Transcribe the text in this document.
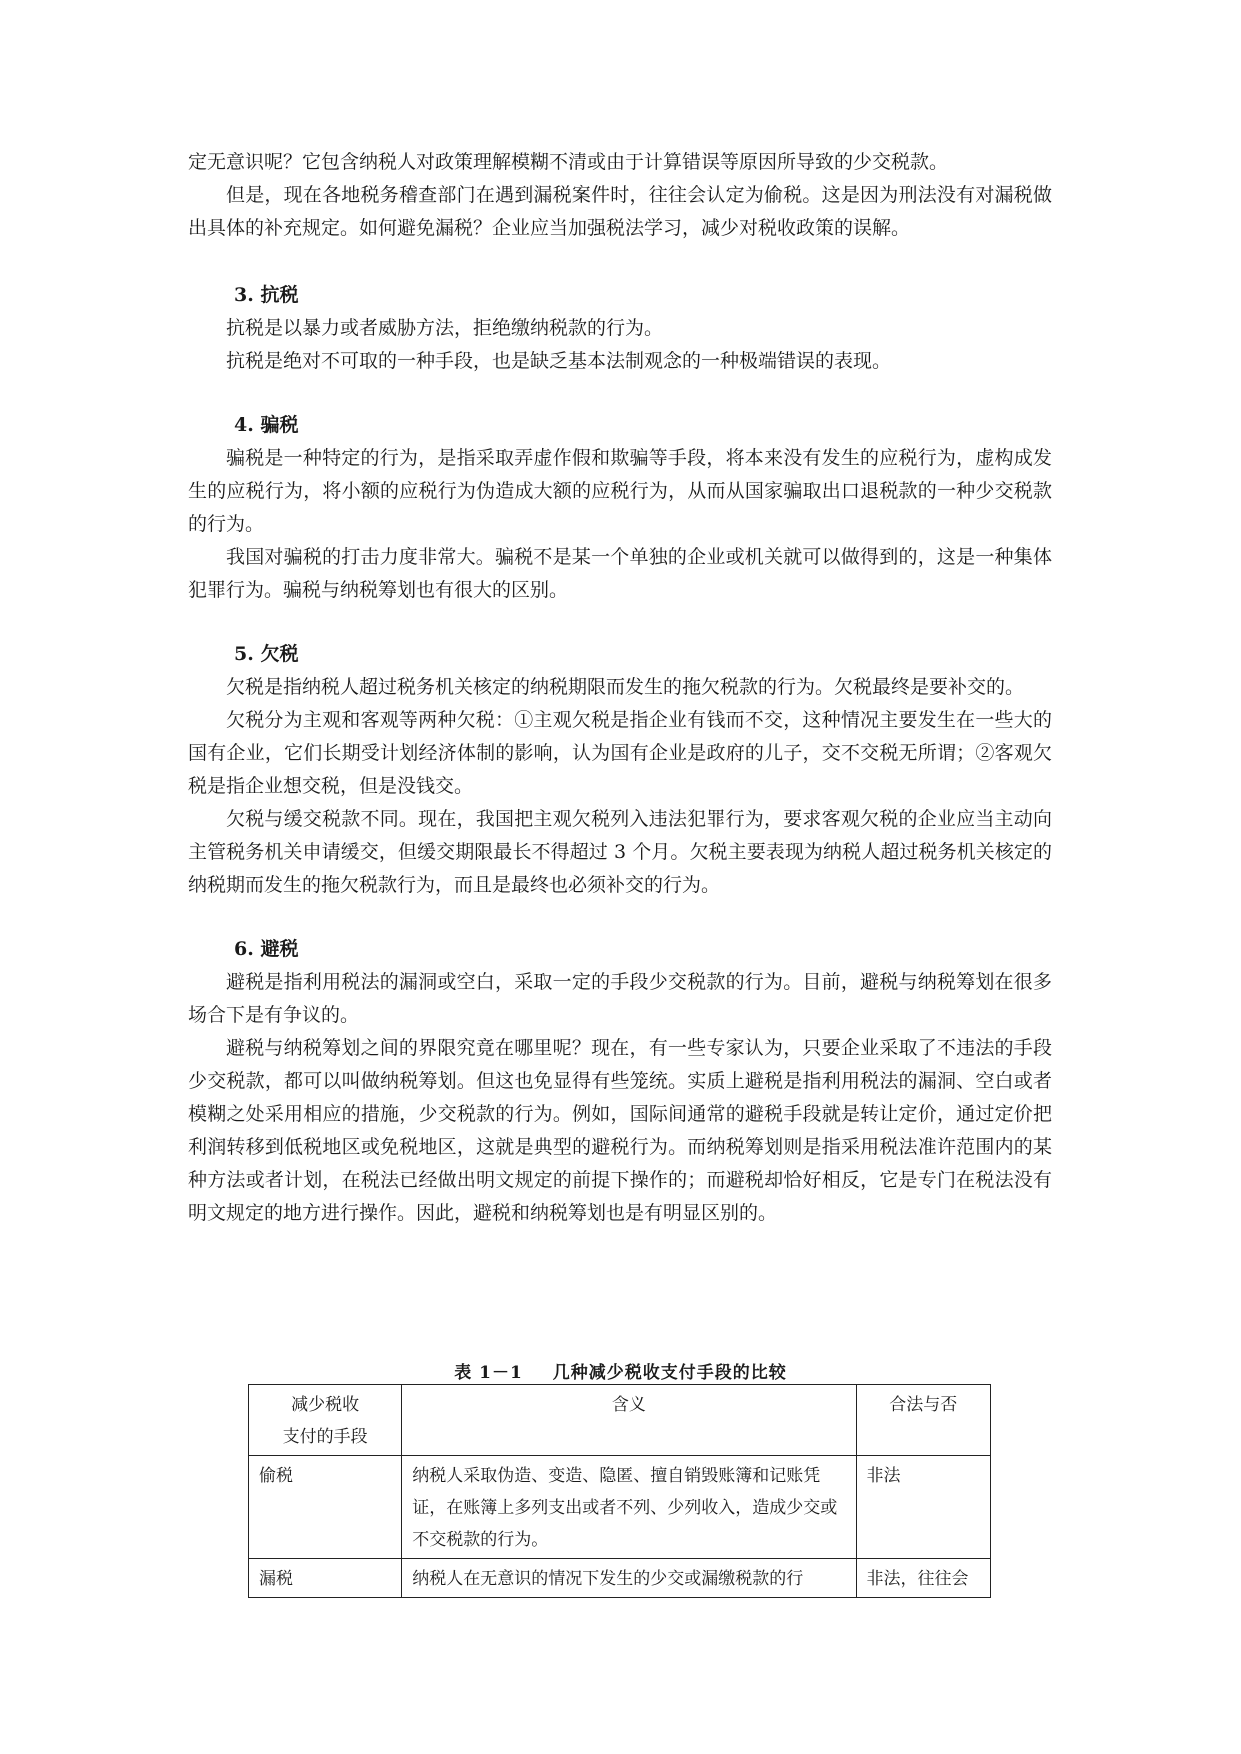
定无意识呢？它包含纳税人对政策理解模糊不清或由于计算错误等原因所导致的少交税款。

但是，现在各地税务稽查部门在遇到漏税案件时，往往会认定为偷税。这是因为刑法没有对漏税做出具体的补充规定。如何避免漏税？企业应当加强税法学习，减少对税收政策的误解。

3. 抗税

抗税是以暴力或者威胁方法，拒绝缴纳税款的行为。

抗税是绝对不可取的一种手段，也是缺乏基本法制观念的一种极端错误的表现。

4. 骗税

骗税是一种特定的行为，是指采取弄虚作假和欺骗等手段，将本来没有发生的应税行为，虚构成发生的应税行为，将小额的应税行为伪造成大额的应税行为，从而从国家骗取出口退税款的一种少交税款的行为。

我国对骗税的打击力度非常大。骗税不是某一个单独的企业或机关就可以做得到的，这是一种集体犯罪行为。骗税与纳税筹划也有很大的区别。

5. 欠税

欠税是指纳税人超过税务机关核定的纳税期限而发生的拖欠税款的行为。欠税最终是要补交的。

欠税分为主观和客观等两种欠税：①主观欠税是指企业有钱而不交，这种情况主要发生在一些大的国有企业，它们长期受计划经济体制的影响，认为国有企业是政府的儿子，交不交税无所谓；②客观欠税是指企业想交税，但是没钱交。

欠税与缓交税款不同。现在，我国把主观欠税列入违法犯罪行为，要求客观欠税的企业应当主动向主管税务机关申请缓交，但缓交期限最长不得超过 3 个月。欠税主要表现为纳税人超过税务机关核定的纳税期而发生的拖欠税款行为，而且是最终也必须补交的行为。

6. 避税

避税是指利用税法的漏洞或空白，采取一定的手段少交税款的行为。目前，避税与纳税筹划在很多场合下是有争议的。

避税与纳税筹划之间的界限究竟在哪里呢？现在，有一些专家认为，只要企业采取了不违法的手段少交税款，都可以叫做纳税筹划。但这也免显得有些笼统。实质上避税是指利用税法的漏洞、空白或者模糊之处采用相应的措施，少交税款的行为。例如，国际间通常的避税手段就是转让定价，通过定价把利润转移到低税地区或免税地区，这就是典型的避税行为。而纳税筹划则是指采用税法准许范围内的某种方法或者计划，在税法已经做出明文规定的前提下操作的；而避税却恰好相反，它是专门在税法没有明文规定的地方进行操作。因此，避税和纳税筹划也是有明显区别的。

表 1－1 几种减少税收支付手段的比较
减少税收
支付的手段	含义	合法与否
偷税	纳税人采取伪造、变造、隐匿、擅自销毁账簿和记账凭证，在账簿上多列支出或者不列、少列收入，造成少交或不交税款的行为。	非法
漏税	纳税人在无意识的情况下发生的少交或漏缴税款的行	非法，往往会
